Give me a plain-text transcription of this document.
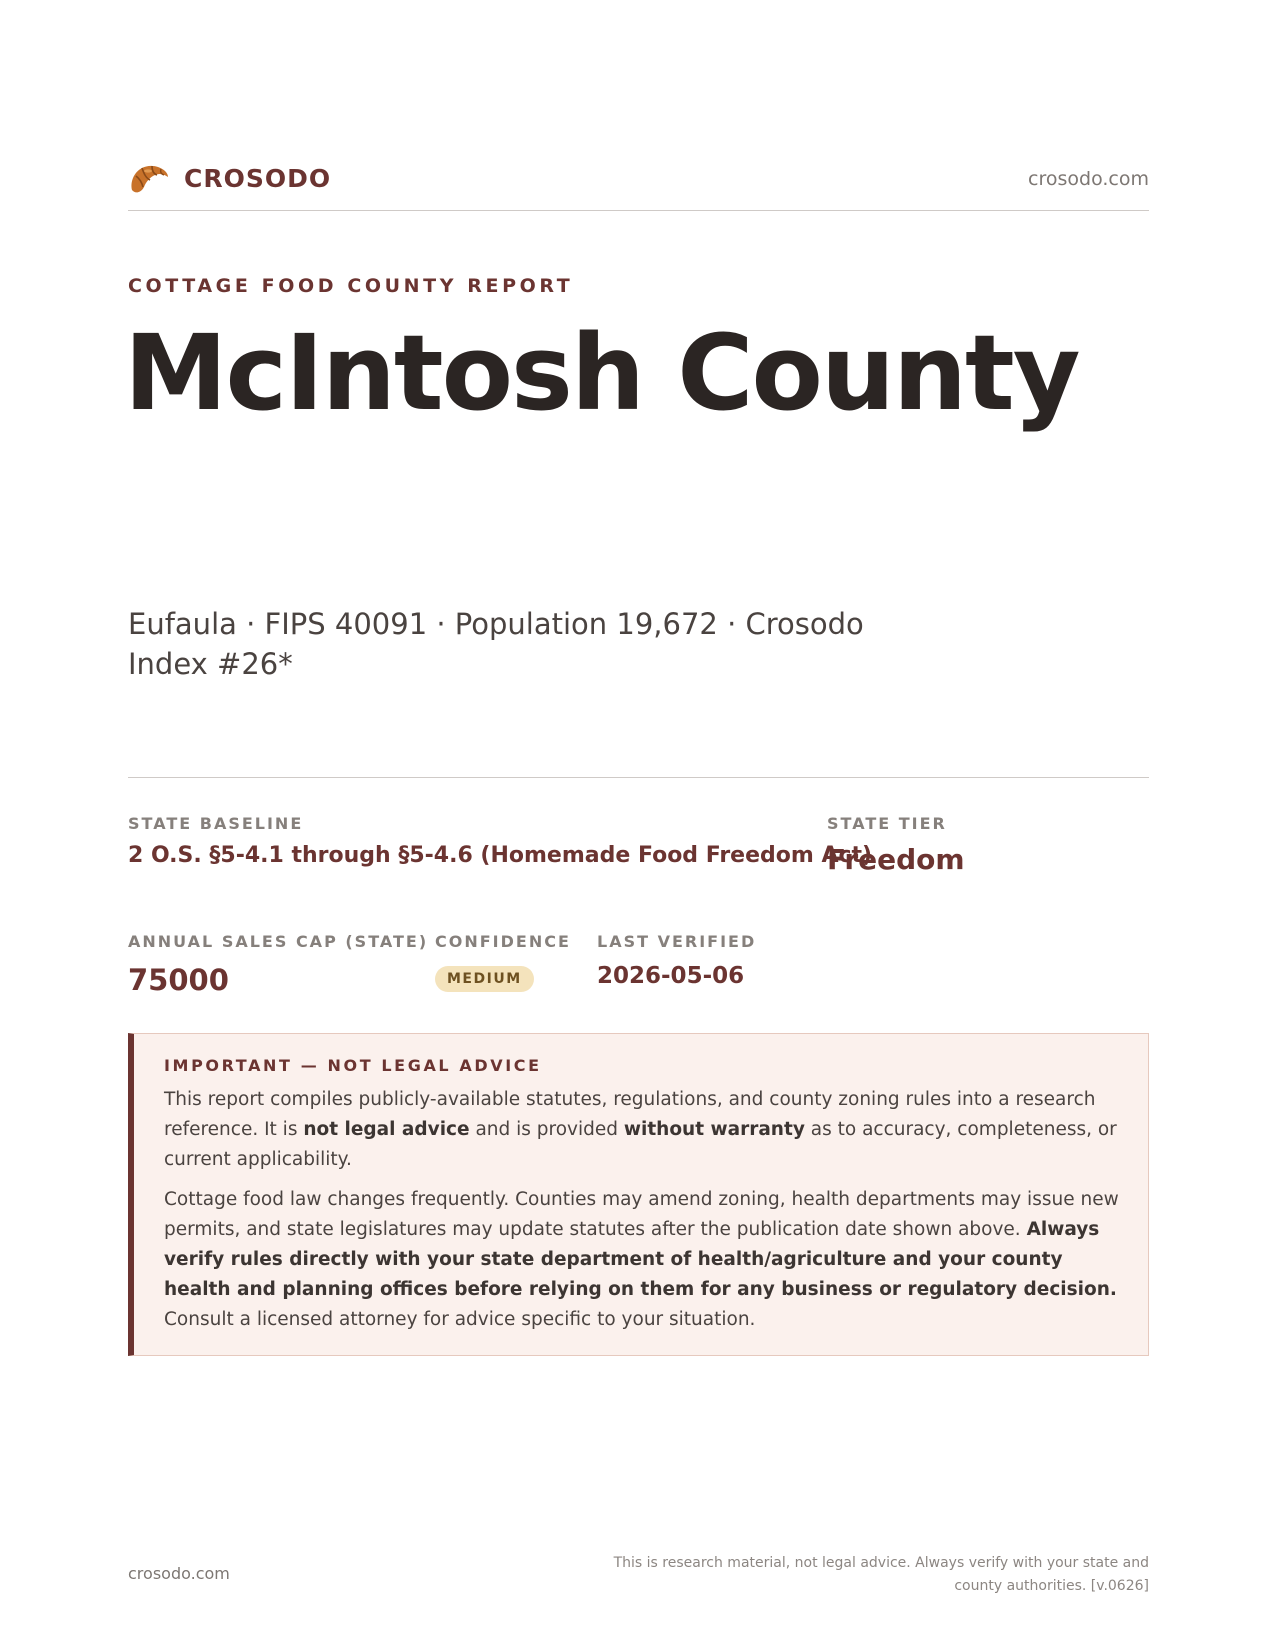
CROSODO	crosodo.com
COTTAGE FOOD COUNTY REPORT
McIntosh County
Eufaula · FIPS 40091 · Population 19,672 · Crosodo Index #26*
STATE BASELINE
2 O.S. §5-4.1 through §5-4.6 (Homemade Food Freedom Act)
STATE TIER
Freedom
ANNUAL SALES CAP (STATE)
75000
CONFIDENCE
MEDIUM
LAST VERIFIED
2026-05-06
IMPORTANT — NOT LEGAL ADVICE

This report compiles publicly-available statutes, regulations, and county zoning rules into a research reference. It is not legal advice and is provided without warranty as to accuracy, completeness, or current applicability.

Cottage food law changes frequently. Counties may amend zoning, health departments may issue new permits, and state legislatures may update statutes after the publication date shown above. Always verify rules directly with your state department of health/agriculture and your county health and planning offices before relying on them for any business or regulatory decision. Consult a licensed attorney for advice specific to your situation.

crosodo.com
This is research material, not legal advice. Always verify with your state and county authorities. [v.0626]
